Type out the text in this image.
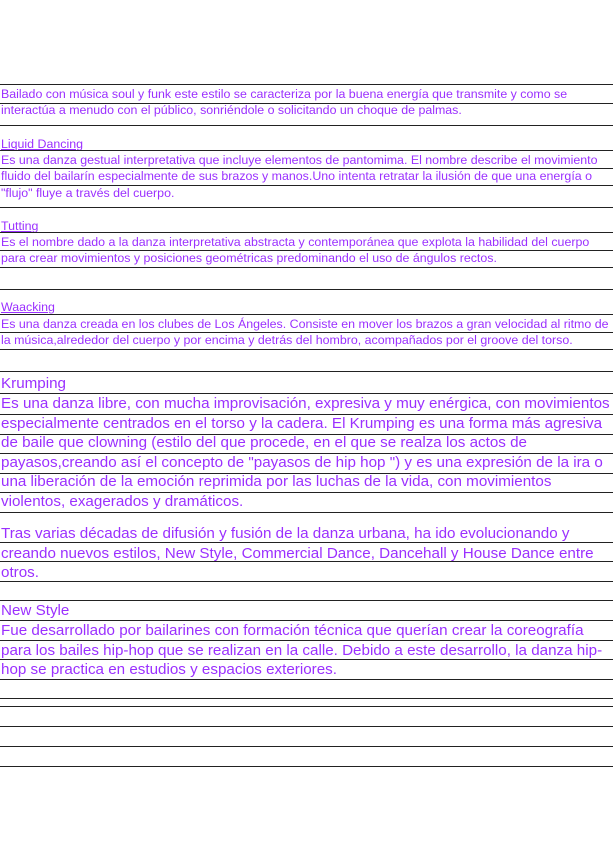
Bailado con música soul y funk este estilo se caracteriza por la buena energía que transmite y como se interactúa a menudo con el público, sonriéndole o solicitando un choque de palmas.

Liquid Dancing

Es una danza gestual interpretativa que incluye elementos de pantomima. El nombre describe el movimiento fluido del bailarín especialmente de sus brazos y manos.Uno intenta retratar la ilusión de que una energía o "flujo" fluye a través del cuerpo.

Tutting

Es el nombre dado a la danza interpretativa abstracta y contemporánea que explota la habilidad del cuerpo para crear movimientos y posiciones geométricas predominando el uso de ángulos rectos.

Waacking

Es una danza creada en los clubes de Los Ángeles. Consiste en mover los brazos a gran velocidad al ritmo de la música,alrededor del cuerpo y por encima y detrás del hombro, acompañados por el groove del torso.

Krumping

Es una danza libre, con mucha improvisación, expresiva y muy enérgica, con movimientos especialmente centrados en el torso y la cadera. El Krumping es una forma más agresiva de baile que clowning (estilo del que procede, en el que se realza los actos de payasos,creando así el concepto de "payasos de hip hop ") y es una expresión de la ira o una liberación de la emoción reprimida por las luchas de la vida, con movimientos violentos, exagerados y dramáticos.

Tras varias décadas de difusión y fusión de la danza urbana, ha ido evolucionando y creando nuevos estilos, New Style, Commercial Dance, Dancehall y House Dance entre otros.

New Style

Fue desarrollado por bailarines con formación técnica que querían crear la coreografía para los bailes hip-hop que se realizan en la calle. Debido a este desarrollo, la danza hip-hop se practica en estudios y espacios exteriores.
